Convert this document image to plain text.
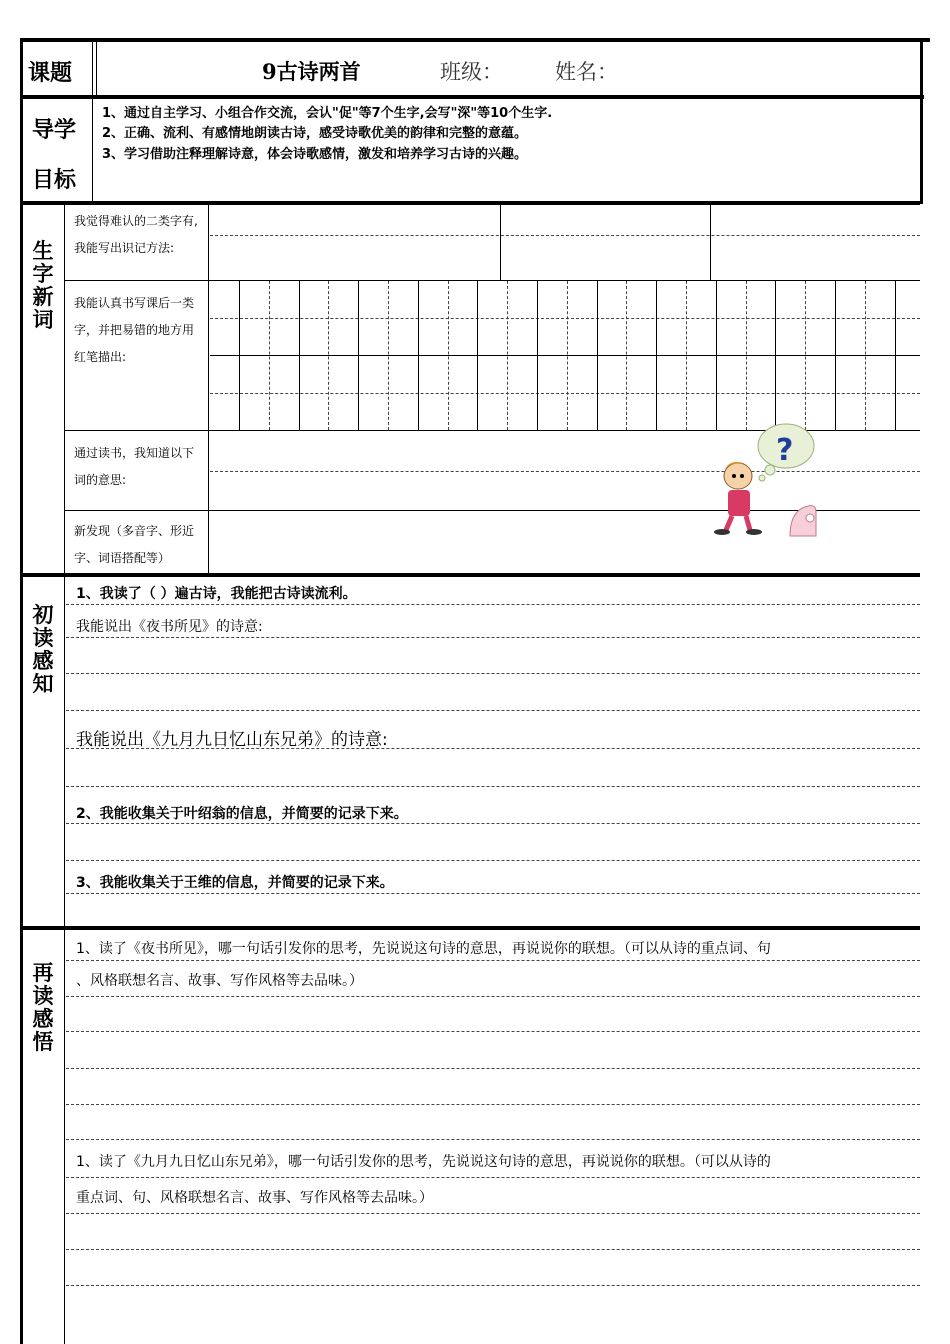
课题	9古诗两首	班级： 姓名：
导学
目标
1、通过自主学习、小组合作交流，会认"促"等7个生字,会写"深"等10个生字.
2、正确、流利、有感情地朗读古诗，感受诗歌优美的韵律和完整的意蕴。
3、学习借助注释理解诗意，体会诗歌感情，激发和培养学习古诗的兴趣。
生字新词
我觉得难认的二类字有,我能写出识记方法:
我能认真书写课后一类字，并把易错的地方用红笔描出:
通过读书，我知道以下词的意思:
新发现（多音字、形近字、词语搭配等）
?
初读感知
1、我读了（ ）遍古诗，我能把古诗读流利。
我能说出《夜书所见》的诗意:
我能说出《九月九日忆山东兄弟》的诗意:
2、我能收集关于叶绍翁的信息，并简要的记录下来。
3、我能收集关于王维的信息，并简要的记录下来。
再读感悟
1、读了《夜书所见》，哪一句话引发你的思考，先说说这句诗的意思，再说说你的联想。（可以从诗的重点词、句
、风格联想名言、故事、写作风格等去品味。）
1、读了《九月九日忆山东兄弟》，哪一句话引发你的思考，先说说这句诗的意思，再说说你的联想。（可以从诗的
重点词、句、风格联想名言、故事、写作风格等去品味。）
